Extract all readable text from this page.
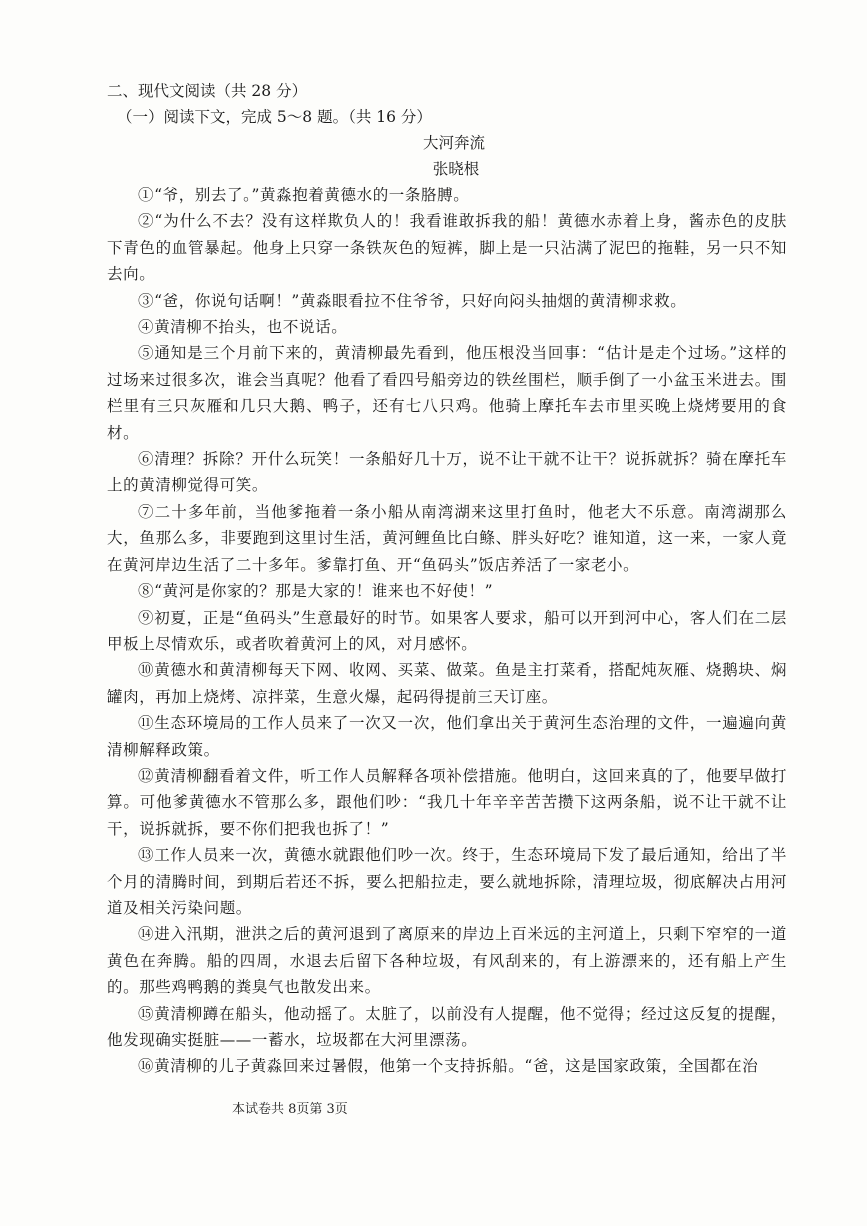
二、现代文阅读（共 28 分）
（一）阅读下文，完成 5～8 题。（共 16 分）
大河奔流
张晓根

①“爷，别去了。”黄淼抱着黄德水的一条胳膊。

②“为什么不去？没有这样欺负人的！我看谁敢拆我的船！黄德水赤着上身，酱赤色的皮肤下青色的血管暴起。他身上只穿一条铁灰色的短裤，脚上是一只沾满了泥巴的拖鞋，另一只不知去向。

③“爸，你说句话啊！”黄淼眼看拉不住爷爷，只好向闷头抽烟的黄清柳求救。

④黄清柳不抬头，也不说话。

⑤通知是三个月前下来的，黄清柳最先看到，他压根没当回事：“估计是走个过场。”这样的过场来过很多次，谁会当真呢？他看了看四号船旁边的铁丝围栏，顺手倒了一小盆玉米进去。围栏里有三只灰雁和几只大鹅、鸭子，还有七八只鸡。他骑上摩托车去市里买晚上烧烤要用的食材。

⑥清理？拆除？开什么玩笑！一条船好几十万，说不让干就不让干？说拆就拆？骑在摩托车上的黄清柳觉得可笑。

⑦二十多年前，当他爹拖着一条小船从南湾湖来这里打鱼时，他老大不乐意。南湾湖那么大，鱼那么多，非要跑到这里讨生活，黄河鲤鱼比白鲦、胖头好吃？谁知道，这一来，一家人竟在黄河岸边生活了二十多年。爹靠打鱼、开“鱼码头”饭店养活了一家老小。

⑧“黄河是你家的？那是大家的！谁来也不好使！”

⑨初夏，正是“鱼码头”生意最好的时节。如果客人要求，船可以开到河中心，客人们在二层甲板上尽情欢乐，或者吹着黄河上的风，对月感怀。

⑩黄德水和黄清柳每天下网、收网、买菜、做菜。鱼是主打菜肴，搭配炖灰雁、烧鹅块、焖罐肉，再加上烧烤、凉拌菜，生意火爆，起码得提前三天订座。

⑪生态环境局的工作人员来了一次又一次，他们拿出关于黄河生态治理的文件，一遍遍向黄清柳解释政策。

⑫黄清柳翻看着文件，听工作人员解释各项补偿措施。他明白，这回来真的了，他要早做打算。可他爹黄德水不管那么多，跟他们吵：“我几十年辛辛苦苦攒下这两条船，说不让干就不让干，说拆就拆，要不你们把我也拆了！”

⑬工作人员来一次，黄德水就跟他们吵一次。终于，生态环境局下发了最后通知，给出了半个月的清腾时间，到期后若还不拆，要么把船拉走，要么就地拆除，清理垃圾，彻底解决占用河道及相关污染问题。

⑭进入汛期，泄洪之后的黄河退到了离原来的岸边上百米远的主河道上，只剩下窄窄的一道黄色在奔腾。船的四周，水退去后留下各种垃圾，有风刮来的，有上游漂来的，还有船上产生的。那些鸡鸭鹅的粪臭气也散发出来。

⑮黄清柳蹲在船头，他动摇了。太脏了，以前没有人提醒，他不觉得；经过这反复的提醒，他发现确实挺脏——一蓄水，垃圾都在大河里漂荡。

⑯黄清柳的儿子黄淼回来过暑假，他第一个支持拆船。“爸，这是国家政策，全国都在治

本试卷共 8页第 3页
